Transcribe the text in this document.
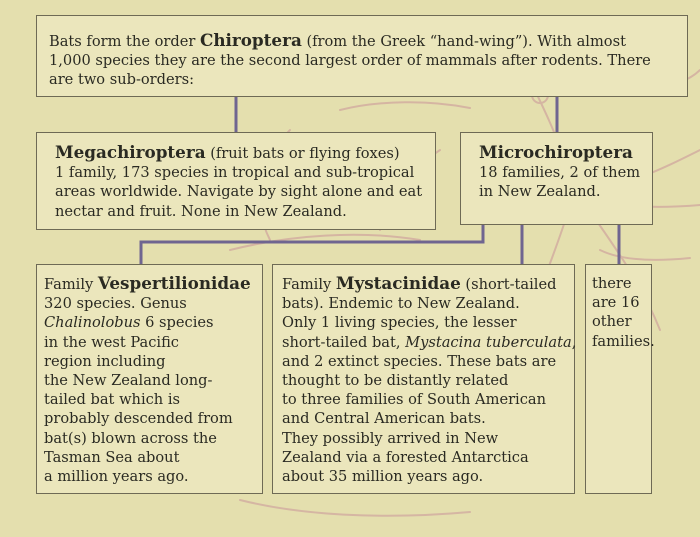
Bats form the order Chiroptera (from the Greek “hand-wing”). With almost
1,000 species they are the second largest order of mammals after rodents. There
are two sub-orders:
Megachiroptera (fruit bats or flying foxes)
1 family, 173 species in tropical and sub-tropical
areas worldwide. Navigate by sight alone and eat
nectar and fruit. None in New Zealand.
Microchiroptera
18 families, 2 of them
in New Zealand.
Family Vespertilionidae
320 species. Genus
Chalinolobus 6 species
in the west Pacific
region including
the New Zealand long-
tailed bat which is
probably descended from
bat(s) blown across the
Tasman Sea about
a million years ago.
Family Mystacinidae (short-tailed
bats). Endemic to New Zealand.
Only 1 living species, the lesser
short-tailed bat, Mystacina tuberculata,
and 2 extinct species. These bats are
thought to be distantly related
to three families of South American
and Central American bats.
They possibly arrived in New
Zealand via a forested Antarctica
about 35 million years ago.
there
are 16
other
families.
